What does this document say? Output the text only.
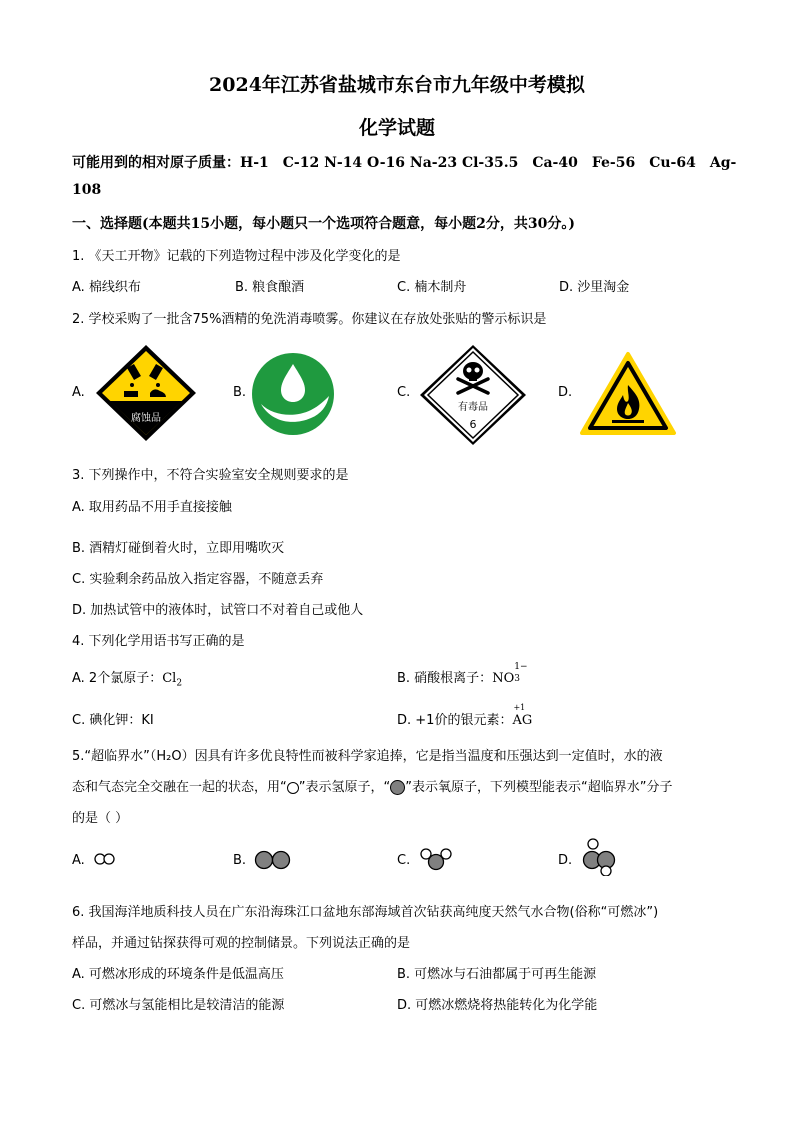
2024年江苏省盐城市东台市九年级中考模拟
化学试题
可能用到的相对原子质量：H-1　C-12 N-14 O-16 Na-23 Cl-35.5　Ca-40　Fe-56　Cu-64　Ag-
108
一、选择题(本题共15小题，每小题只一个选项符合题意，每小题2分，共30分。)
1. 《天工开物》记载的下列造物过程中涉及化学变化的是
A. 棉线织布	B. 粮食酿酒	C. 楠木制舟	D. 沙里淘金
2. 学校采购了一批含75%酒精的免洗消毒喷雾。你建议在存放处张贴的警示标识是
A.	B.	C.	D.
腐蚀品
有毒品
6
3. 下列操作中，不符合实验室安全规则要求的是
A. 取用药品不用手直接接触
B. 酒精灯碰倒着火时，立即用嘴吹灭
C. 实验剩余药品放入指定容器，不随意丢弃
D. 加热试管中的液体时，试管口不对着自己或他人
4. 下列化学用语书写正确的是
A. 2个氯原子：$Cl_2$	B. 硝酸根离子：NO
1−
3
C. 碘化钾：KI	D. +1价的银元素：
+1
AG
5.“超临界水”（H₂O）因具有许多优良特性而被科学家追捧，它是指当温度和压强达到一定值时，水的液
态和气态完全交融在一起的状态，用“ ”表示氢原子，“ ”表示氧原子，下列模型能表示“超临界水”分子
的是（ ）
A.	B.	C.	D.
6. 我国海洋地质科技人员在广东沿海珠江口盆地东部海域首次钻获高纯度天然气水合物(俗称“可燃冰”)
样品，并通过钻探获得可观的控制储景。下列说法正确的是
A. 可燃冰形成的环境条件是低温高压	B. 可燃冰与石油都属于可再生能源
C. 可燃冰与氢能相比是较清洁的能源	D. 可燃冰燃烧将热能转化为化学能
